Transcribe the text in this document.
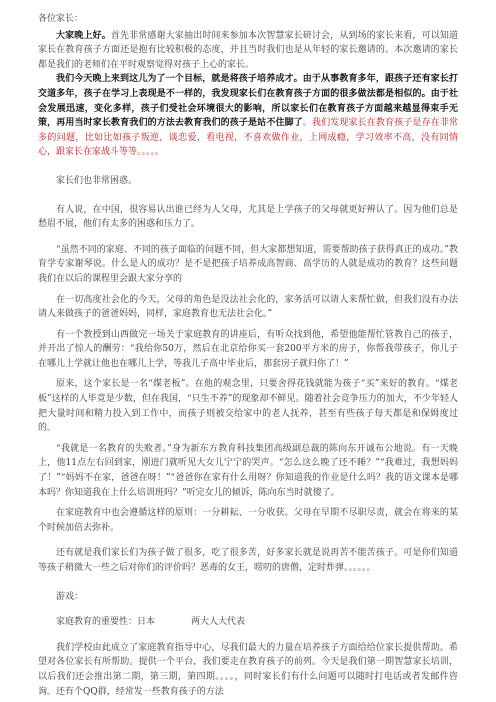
各位家长：

大家晚上好。首先非常感谢大家抽出时间来参加本次智慧家长研讨会，从到场的家长来看，可以知道家长在教育孩子方面还是抱有比较积极的态度，并且当时我们也是从年轻的家长邀请的。本次邀请的家长都是我们的老师们在平时观察觉得对孩子上心的家长。

我们今天晚上来到这儿为了一个目标，就是将孩子培养成才。由于从事教育多年，跟孩子还有家长打交道多年，孩子在学习上表现是不一样的，我发现家长们在教育孩子方面的很多做法都是相似的。由于社会发展迅速，变化多样，孩子们受社会环境很大的影响，所以家长们在教育孩子方面越来越显得束手无策，再用当时家长教育我们的方法去教育我们的孩子是站不住脚了。我们发现家长在教育孩子是存在非常多的问题，比如比如孩子叛逆，谈恋爱，看电视，不喜欢做作业，上网成瘾，学习效率不高，没有同情心，跟家长在家战斗等等。。。。。

家长们也非常困惑。

有人说，在中国，很容易认出谁已经为人父母，尤其是上学孩子的父母就更好辨认了。因为他们总是愁眉不展，他们有太多的困惑和压力了。

“虽然不同的家庭、不同的孩子面临的问题不同，但大家都想知道，需要帮助孩子获得真正的成功。”教育学专家谢琴说。什么是人的成功？是不是把孩子培养成高智商、高学历的人就是成功的教育？这些问题我们在以后的课程里会跟大家分享的

在一切高度社会化的今天，父母的角色是没法社会化的，家务活可以请人来帮忙做，但我们没有办法请人来做孩子的爸爸妈妈，同样，家庭教育也无法社会化。”

有一个教授到山西做完一场关于家庭教育的讲座后，有听众找到他，希望他能帮忙管教自己的孩子，并开出了惊人的酬劳：“我给你50万，然后在北京给你买一套200平方米的房子，你帮我带孩子，你儿子在哪儿上学就让他也在哪儿上学，等我儿子高中毕业后，那套房子就归你了！”

原来，这个家长是一名“煤老板”。在他的观念里，只要舍得花钱就能为孩子“买”来好的教育。“煤老板”这样的人毕竟是少数，但在我国，“只生不养”的现象却不鲜见。随着社会竞争压力的加大，不少年轻人把大量时间和精力投入到工作中，而孩子则被交给家中的老人抚养，甚至有些孩子每天都是和保姆度过的。

“我就是一名教育的失败者。”身为新东方教育科技集团高级副总裁的陈向东开诚布公地说。有一天晚上，他11点左右回到家，刚进门就听见大女儿宁宁的哭声。“怎么这么晚了还不睡？”“我难过，我想妈妈了！”“妈妈不在家，爸爸在呀！”“爸爸你在家有什么用呀？你知道我的作业是什么吗？我的语文课本是哪本吗？你知道我在上什么培训班吗？”听完女儿的倾诉，陈向东当时就傻了。

在家庭教育中也会遵循这样的原则：一分耕耘、一分收获。父母在早期不尽职尽责，就会在将来的某个时候加倍去弥补。

还有就是我们家长们为孩子做了很多，吃了很多苦，好多家长就是说再苦不能苦孩子。可是你们知道等孩子稍微大一些之后对你们的评价吗？恶毒的女王，唠叨的唐僧，定时炸弹。。。。。。

游戏：

家庭教育的重要性：日本	两大人大代表

我们学校由此成立了家庭教育指导中心，尽我们最大的力量在培养孩子方面给给位家长提供帮助。希望对各位家长有所帮助。提供一个平台，我们要走在教育孩子的前列。今天是我们第一期智慧家长培训，以后我们还会推出第二期，第三期，第四期。。。。，同时家长们有什么问题可以随时打电话或者发邮件咨询。还有个QQ群，经常发一些教育孩子的方法
